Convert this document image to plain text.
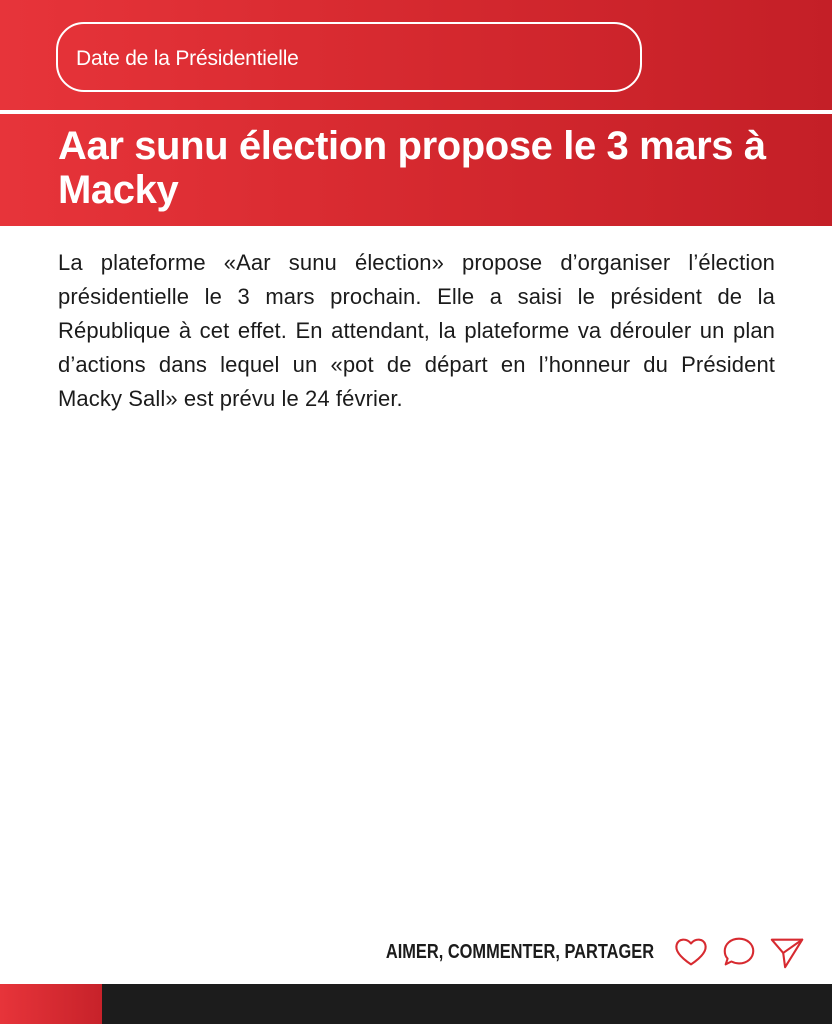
Date de la Présidentielle
Aar sunu élection propose le 3 mars à Macky

La plateforme «Aar sunu élection» propose d’organiser l’élection présidentielle le 3 mars prochain. Elle a saisi le président de la République à cet effet. En attendant, la plateforme va dérouler un plan d’actions dans lequel un «pot de départ en l’honneur du Président Macky Sall» est prévu le 24 février.

AIMER, COMMENTER, PARTAGER
